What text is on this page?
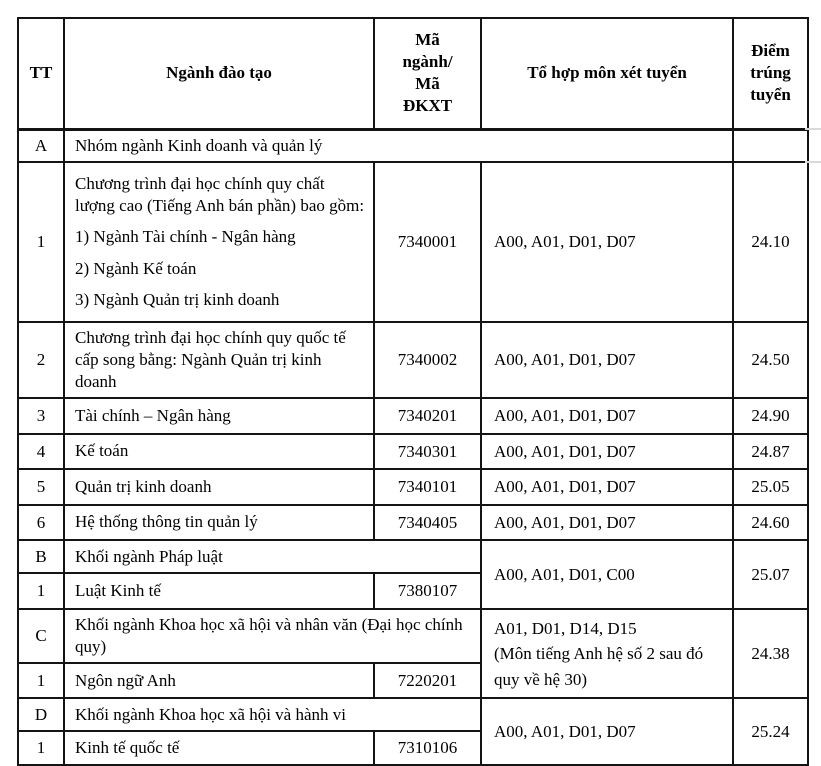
TT	Ngành đào tạo	Mã
ngành/
Mã
ĐKXT	Tổ hợp môn xét tuyển	Điểm trúng tuyển
A	Nhóm ngành Kinh doanh và quản lý			
1	Chương trình đại học chính quy chất lượng cao (Tiếng Anh bán phần) bao gồm:
1) Ngành Tài chính - Ngân hàng
2) Ngành Kế toán
3) Ngành Quản trị kinh doanh	7340001	A00, A01, D01, D07	24.10
2	Chương trình đại học chính quy quốc tế cấp song bằng: Ngành Quản trị kinh doanh	7340002	A00, A01, D01, D07	24.50
3	Tài chính – Ngân hàng	7340201	A00, A01, D01, D07	24.90
4	Kế toán	7340301	A00, A01, D01, D07	24.87
5	Quản trị kinh doanh	7340101	A00, A01, D01, D07	25.05
6	Hệ thống thông tin quản lý	7340405	A00, A01, D01, D07	24.60
B	Khối ngành Pháp luật		A00, A01, D01, C00	25.07
1	Luật Kinh tế	7380107		
C	Khối ngành Khoa học xã hội và nhân văn (Đại học chính quy)		A01, D01, D14, D15
(Môn tiếng Anh hệ số 2 sau đó quy về hệ 30)	24.38
1	Ngôn ngữ Anh	7220201		
D	Khối ngành Khoa học xã hội và hành vi		A00, A01, D01, D07	25.24
1	Kinh tế quốc tế	7310106		
